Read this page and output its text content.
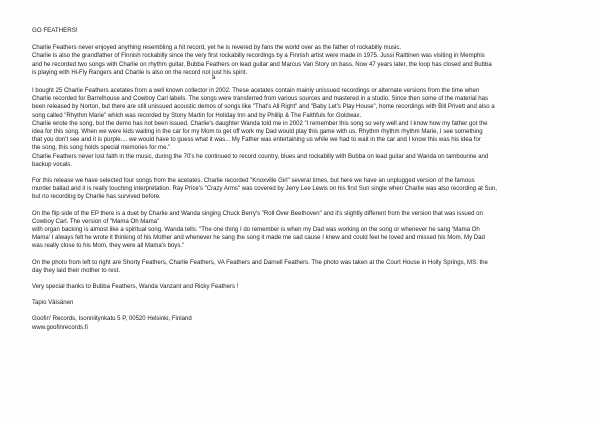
GO FEATHERS!

Charlie Feathers never enjoyed anything resembling a hit record, yet he is revered by fans the world over as the father of rockabilly music.
Charlie is also the grandfather of Finnish rockabilly since the very first rockabilly recordings by a Finnish artist were made in 1975. Jussi Raittinen was visiting in Memphis
and he recorded two songs with Charlie on rhythm guitar, Bubba Feathers on lead guitar and Marcus Van Story on bass. Now 47 years later, the loop has closed and Bubba
is playing with Hi-Fly Rangers and Charlie is also on the record not just his spirit.

a

I bought 25 Charlie Feathers acetates from a well known collector in 2002. These acetates contain mainly unissued recordings or alternate versions from the time when
Charlie recorded for Barrelhouse and Cowboy Carl labels. The songs were transferred from various sources and mastered in a studio. Since then some of the material has
been released by Norton, but there are still unissued acoustic demos of songs like "That's All Right" and "Baby Let's Play House", home recordings with Bill Privett and also a
song called "Rhythm Marie" which was recorded by Stony Martin for Holiday Inn and by Phillip & The Faithfuls for Goldwax.
Charlie wrote the song, but the demo has not been issued. Charlie's daughter Wanda told me in 2002 "I remember this song so very well and I know how my father got the
idea for this song. When we were kids waiting in the car for my Mom to get off work my Dad would play this game with us. Rhythm rhythm rhythm Marie, I see something
that you don't see and it is purple.... we would have to guess what it was... My Father was entertaining us while we had to wait in the car and I know this was his idea for
the song, this song holds special memories for me."
Charlie Feathers never lost faith in the music, during the 70's he continued to record country, blues and rockabilly with Bubba on lead guitar and Wanda on tambourine and
backup vocals.

For this release we have selected four songs from the acetates. Charlie recorded "Knoxville Girl" several times, but here we have an unplugged version of the famous
murder ballad and it is really touching interpretation. Ray Price's "Crazy Arms" was covered by Jerry Lee Lewis on his first Sun single when Charlie was also recording at Sun,
but no recording by Charlie has survived before.

On the flip side of the EP there is a duet by Charlie and Wanda singing Chuck Berry's "Roll Over Beethoven" and it's slightly different from the version that was issued on
Cowboy Carl. The version of "Mama Oh Mama"
with organ backing is almost like a spiritual song. Wanda tells: "The one thing I do remember is when my Dad was working on the song or whenever he sang 'Mama Oh
Mama' I always felt he wrote it thinking of his Mother and whenever he sang the song it made me sad cause I knew and could feel he loved and missed his Mom. My Dad
was really close to his Mom, they were all Mama's boys."

On the photo from left to right are Shorty Feathers, Charlie Feathers, VA Feathers and Darnell Feathers. The photo was taken at the Court House in Holly Springs, MS. the
day they laid their mother to rest.

Very special thanks to Bubba Feathers, Wanda Vanzant and Ricky Feathers !

Tapio Väisänen

Goofin' Records, Isonniitynkatu 5 P, 00520 Helsinki, Finland
www.goofinrecords.fi
